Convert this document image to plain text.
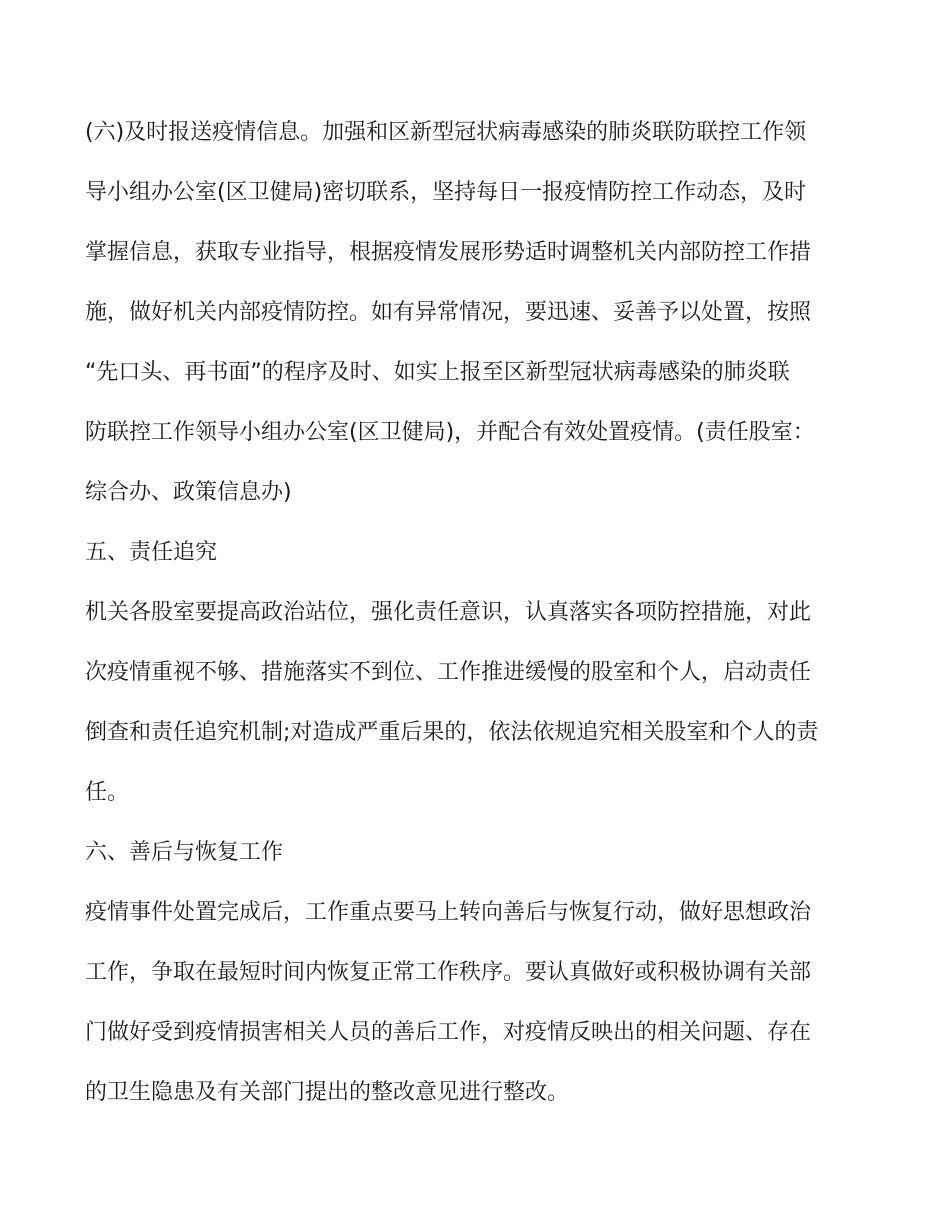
(六)及时报送疫情信息。加强和区新型冠状病毒感染的肺炎联防联控工作领
导小组办公室(区卫健局)密切联系，坚持每日一报疫情防控工作动态，及时
掌握信息，获取专业指导，根据疫情发展形势适时调整机关内部防控工作措
施，做好机关内部疫情防控。如有异常情况，要迅速、妥善予以处置，按照
“先口头、再书面”的程序及时、如实上报至区新型冠状病毒感染的肺炎联
防联控工作领导小组办公室(区卫健局)，并配合有效处置疫情。(责任股室：
综合办、政策信息办)
五、责任追究
机关各股室要提高政治站位，强化责任意识，认真落实各项防控措施，对此
次疫情重视不够、措施落实不到位、工作推进缓慢的股室和个人，启动责任
倒查和责任追究机制;对造成严重后果的，依法依规追究相关股室和个人的责
任。
六、善后与恢复工作
疫情事件处置完成后，工作重点要马上转向善后与恢复行动，做好思想政治
工作，争取在最短时间内恢复正常工作秩序。要认真做好或积极协调有关部
门做好受到疫情损害相关人员的善后工作，对疫情反映出的相关问题、存在
的卫生隐患及有关部门提出的整改意见进行整改。
